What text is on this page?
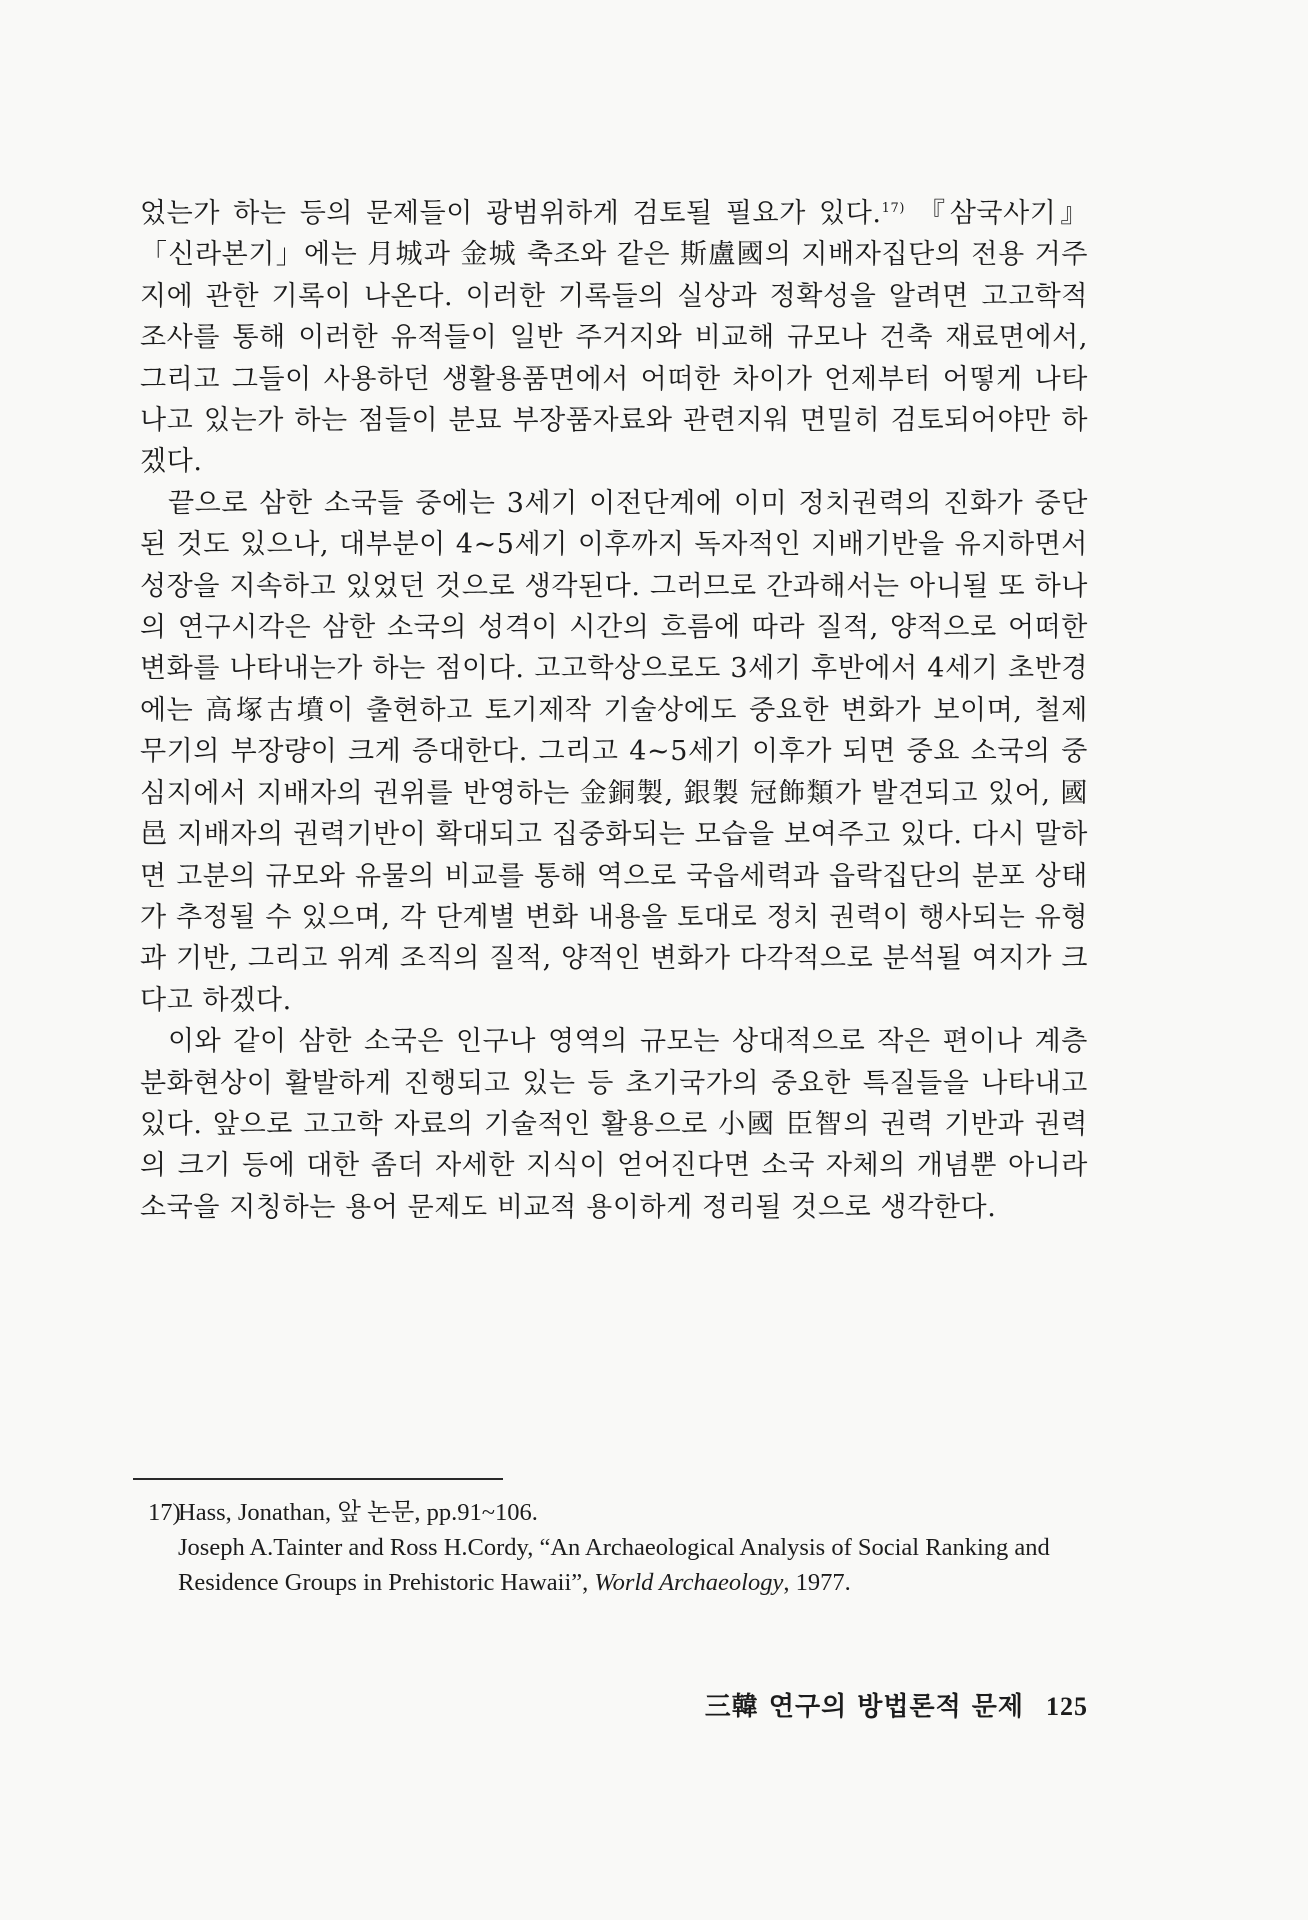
었는가 하는 등의 문제들이 광범위하게 검토될 필요가 있다.$^{17)}$ 『삼국사기』「신라본기」에는 月城과 金城 축조와 같은 斯盧國의 지배자집단의 전용 거주지에 관한 기록이 나온다. 이러한 기록들의 실상과 정확성을 알려면 고고학적 조사를 통해 이러한 유적들이 일반 주거지와 비교해 규모나 건축 재료면에서, 그리고 그들이 사용하던 생활용품면에서 어떠한 차이가 언제부터 어떻게 나타나고 있는가 하는 점들이 분묘 부장품자료와 관련지워 면밀히 검토되어야만 하겠다.

끝으로 삼한 소국들 중에는 3세기 이전단계에 이미 정치권력의 진화가 중단된 것도 있으나, 대부분이 4~5세기 이후까지 독자적인 지배기반을 유지하면서 성장을 지속하고 있었던 것으로 생각된다. 그러므로 간과해서는 아니될 또 하나의 연구시각은 삼한 소국의 성격이 시간의 흐름에 따라 질적, 양적으로 어떠한 변화를 나타내는가 하는 점이다. 고고학상으로도 3세기 후반에서 4세기 초반경에는 高塚古墳이 출현하고 토기제작 기술상에도 중요한 변화가 보이며, 철제 무기의 부장량이 크게 증대한다. 그리고 4~5세기 이후가 되면 중요 소국의 중심지에서 지배자의 권위를 반영하는 金銅製, 銀製 冠飾類가 발견되고 있어, 國邑 지배자의 권력기반이 확대되고 집중화되는 모습을 보여주고 있다. 다시 말하면 고분의 규모와 유물의 비교를 통해 역으로 국읍세력과 읍락집단의 분포 상태가 추정될 수 있으며, 각 단계별 변화 내용을 토대로 정치 권력이 행사되는 유형과 기반, 그리고 위계 조직의 질적, 양적인 변화가 다각적으로 분석될 여지가 크다고 하겠다.

이와 같이 삼한 소국은 인구나 영역의 규모는 상대적으로 작은 편이나 계층 분화현상이 활발하게 진행되고 있는 등 초기국가의 중요한 특질들을 나타내고 있다. 앞으로 고고학 자료의 기술적인 활용으로 小國 臣智의 권력 기반과 권력의 크기 등에 대한 좀더 자세한 지식이 얻어진다면 소국 자체의 개념뿐 아니라 소국을 지칭하는 용어 문제도 비교적 용이하게 정리될 것으로 생각한다.

17)Hass, Jonathan, 앞 논문, pp.91~106.
Joseph A.Tainter and Ross H.Cordy, “An Archaeological Analysis of Social Ranking and Residence Groups in Prehistoric Hawaii”, World Archaeology, 1977.
三韓 연구의 방법론적 문제 125
